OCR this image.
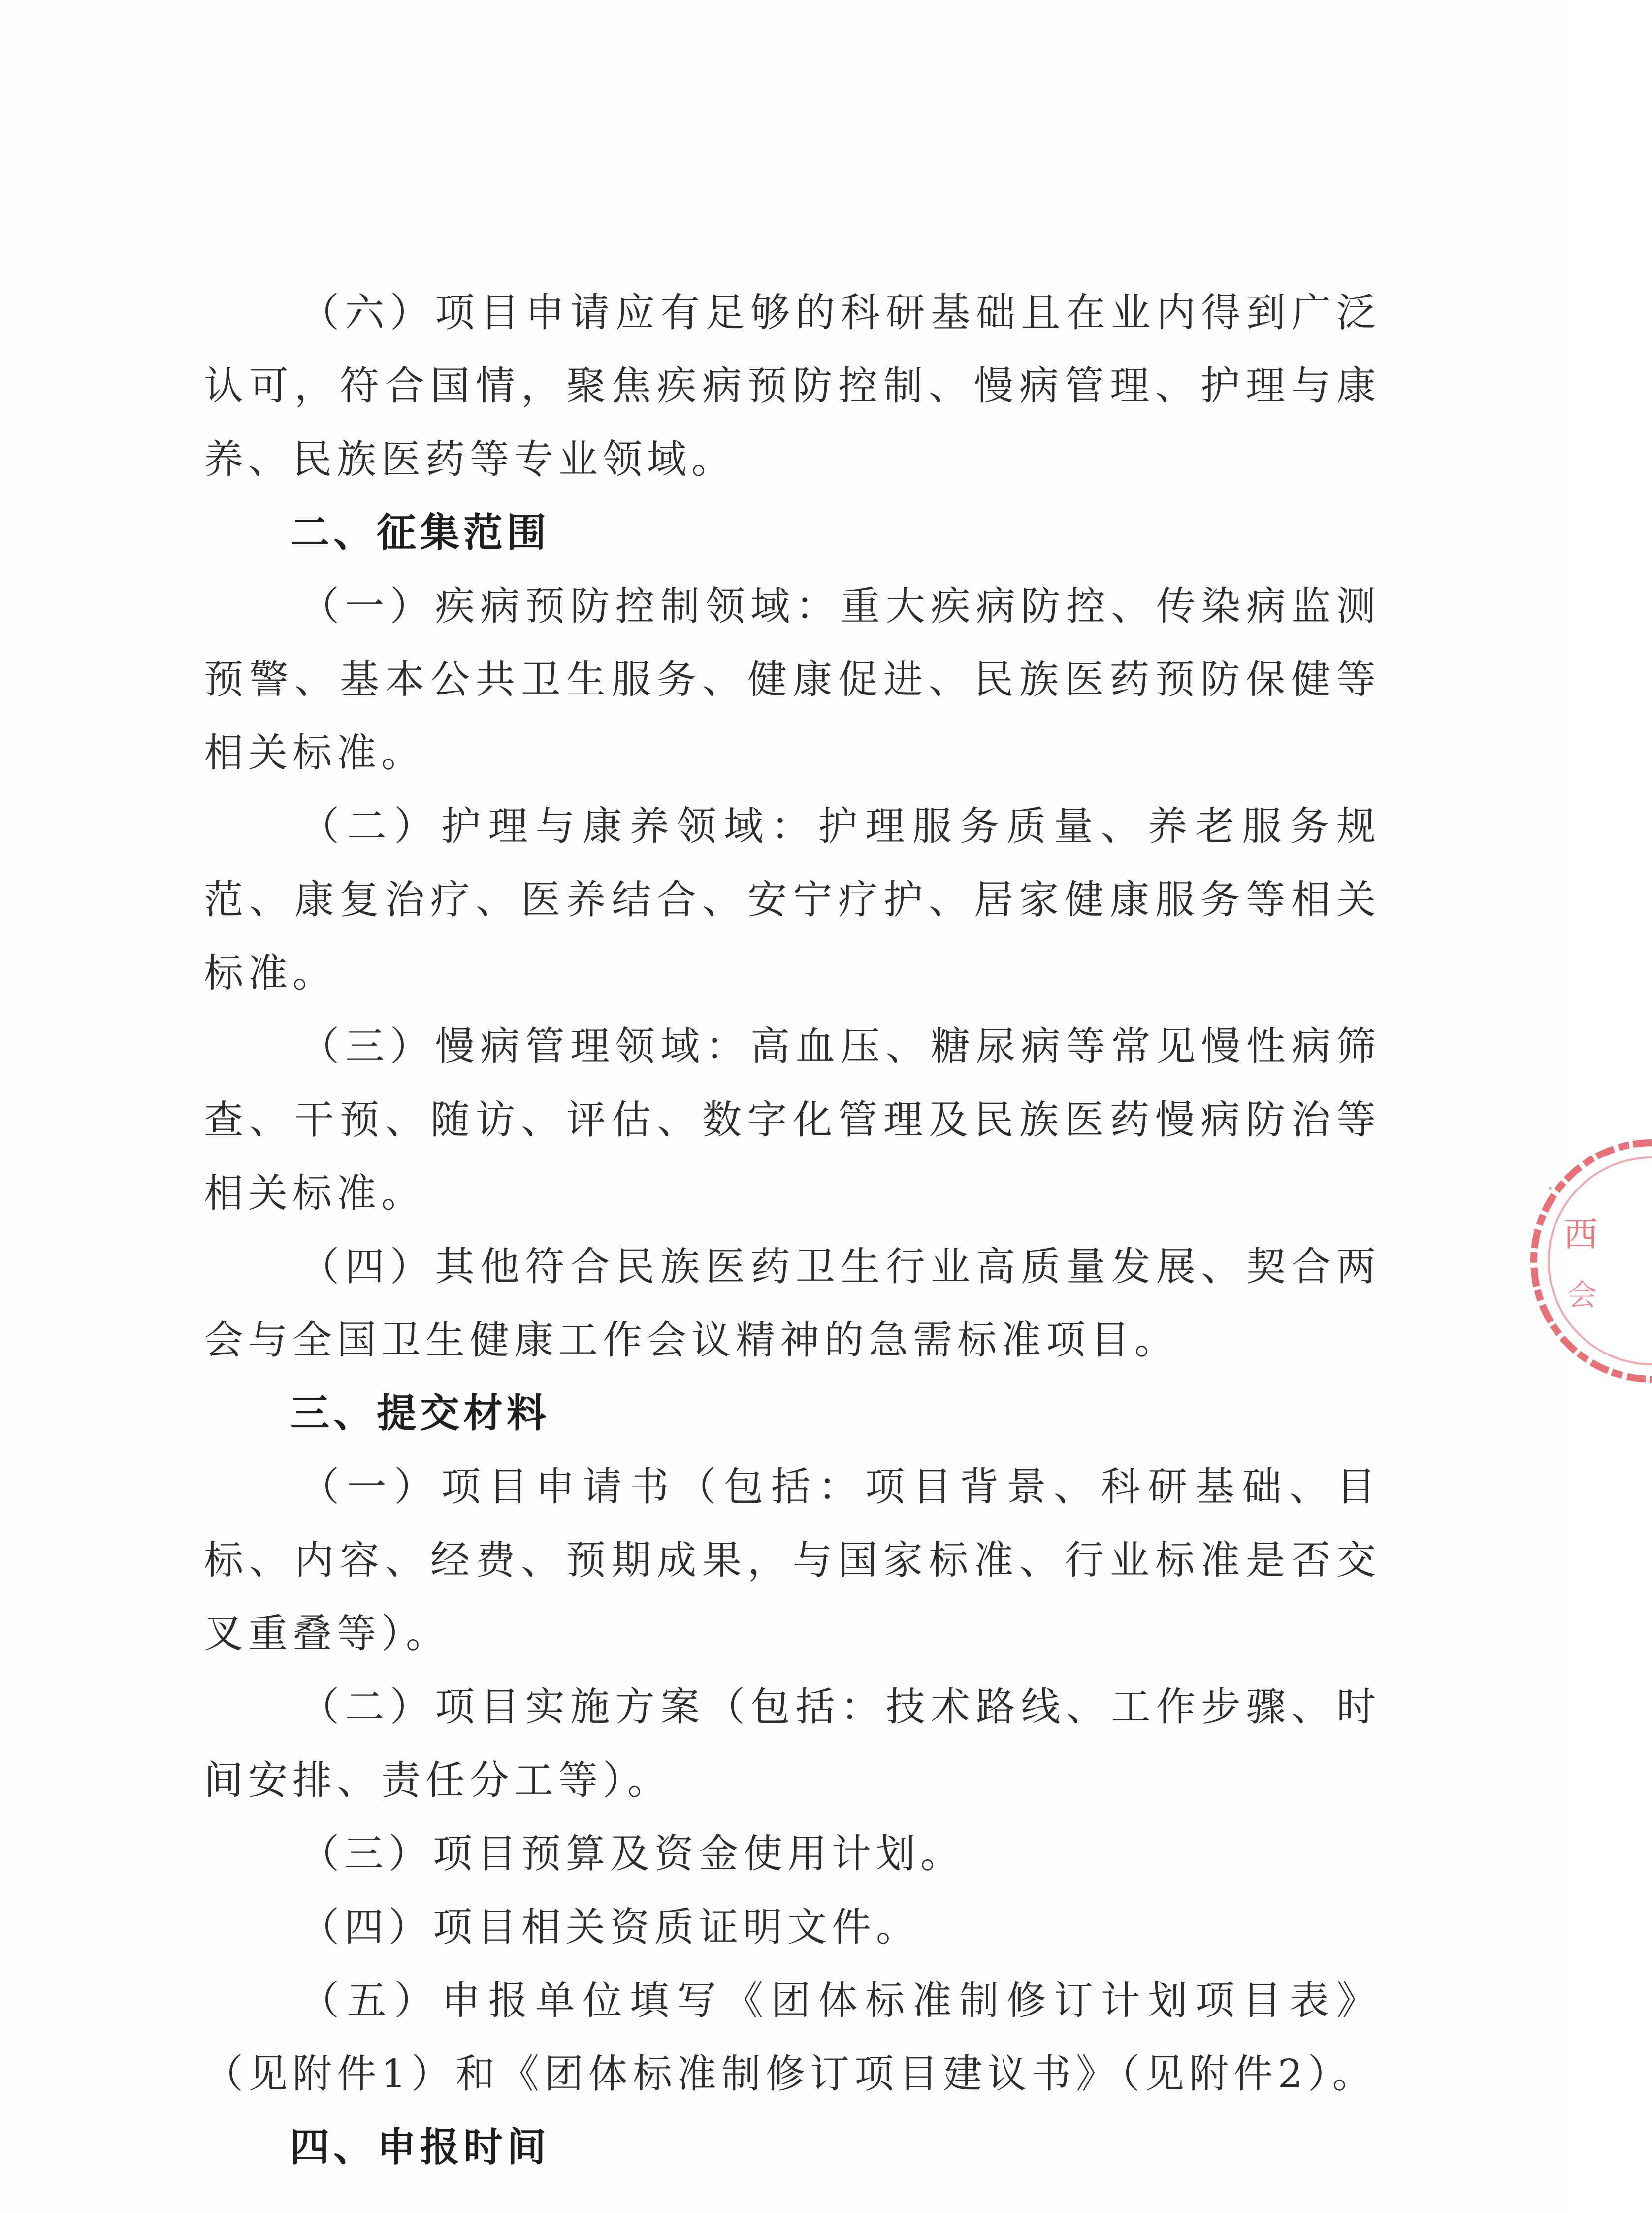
（六）项目申请应有足够的科研基础且在业内得到广泛认可，符合国情，聚焦疾病预防控制、慢病管理、护理与康养、民族医药等专业领域。

二、征集范围

（一）疾病预防控制领域：重大疾病防控、传染病监测预警、基本公共卫生服务、健康促进、民族医药预防保健等相关标准。

（二）护理与康养领域：护理服务质量、养老服务规范、康复治疗、医养结合、安宁疗护、居家健康服务等相关标准。

（三）慢病管理领域：高血压、糖尿病等常见慢性病筛查、干预、随访、评估、数字化管理及民族医药慢病防治等相关标准。

（四）其他符合民族医药卫生行业高质量发展、契合两会与全国卫生健康工作会议精神的急需标准项目。

三、提交材料

（一）项目申请书（包括：项目背景、科研基础、目标、内容、经费、预期成果，与国家标准、行业标准是否交叉重叠等）。

（二）项目实施方案（包括：技术路线、工作步骤、时间安排、责任分工等）。

（三）项目预算及资金使用计划。

（四）项目相关资质证明文件。

（五）申报单位填写《团体标准制修订计划项目表》（见附件1）和《团体标准制修订项目建议书》（见附件2）。

四、申报时间

西
会
·
